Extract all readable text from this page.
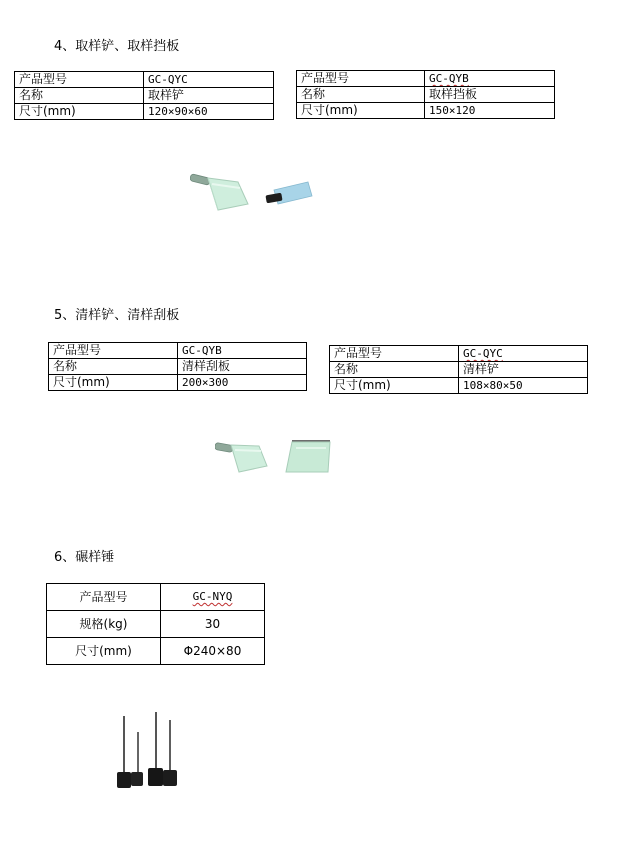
4、取样铲、取样挡板
产品型号	GC-QYC
名称	取样铲
尺寸(mm)	120×90×60
产品型号	GC-QYB
名称	取样挡板
尺寸(mm)	150×120
5、清样铲、清样刮板
产品型号	GC-QYB
名称	清样刮板
尺寸(mm)	200×300
产品型号	GC-QYC
名称	清样铲
尺寸(mm)	108×80×50
6、碾样锤
产品型号	GC-NYQ
规格(kg)	30
尺寸(mm)	Φ240×80
